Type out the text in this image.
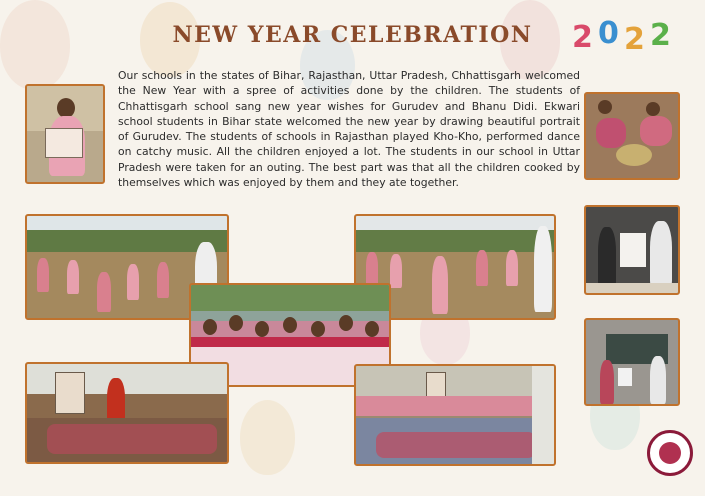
NEW YEAR CELEBRATION	2 0 2 2

Our schools in the states of Bihar, Rajasthan, Uttar Pradesh, Chhattisgarh welcomed the New Year with a spree of activities done by the children. The students of Chhattisgarh school sang new year wishes for Gurudev and Bhanu Didi. Ekwari school students in Bihar state welcomed the new year by drawing beautiful portrait of Gurudev. The students of schools in Rajasthan played Kho-Kho, performed dance on catchy music. All the children enjoyed a lot. The students in our school in Uttar Pradesh were taken for an outing. The best part was that all the children cooked by themselves which was enjoyed by them and they ate together.
